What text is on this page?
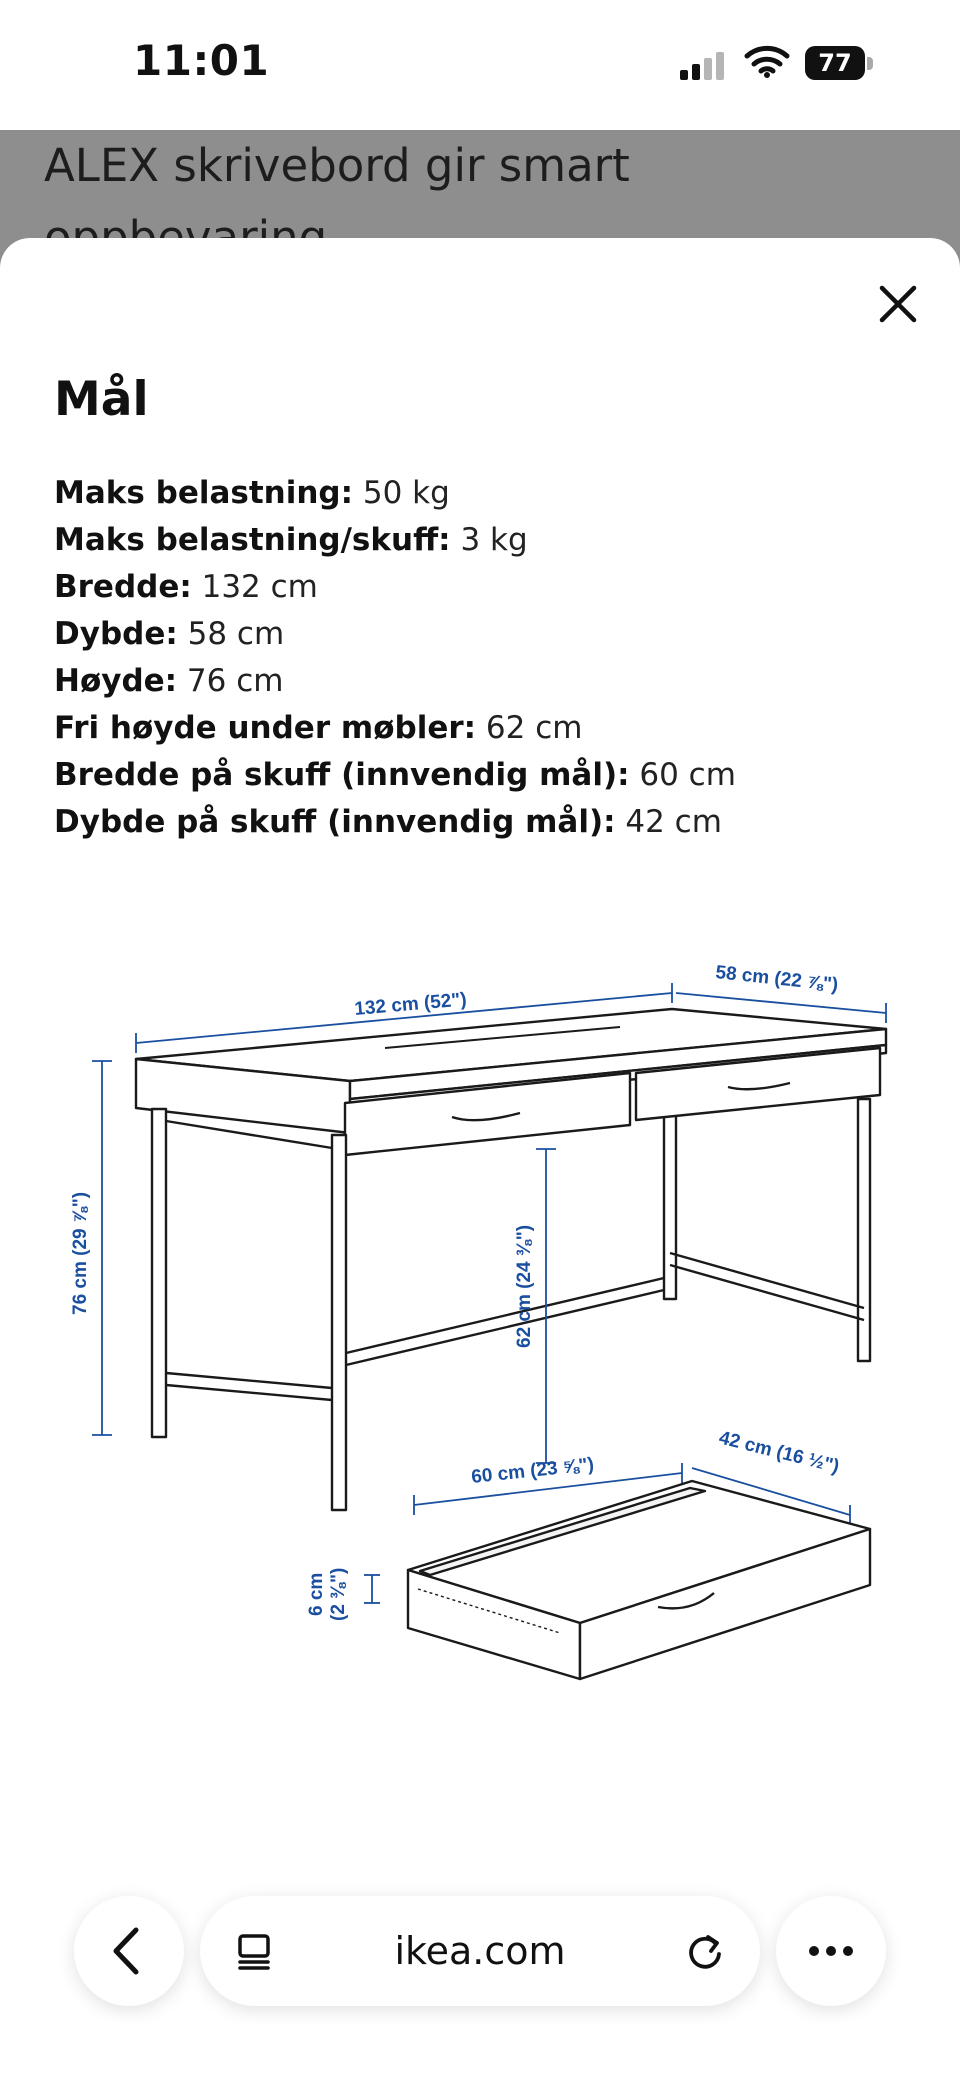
11:01	77
ALEX skrivebord gir smart
Mål
Maks belastning: 50 kg
Maks belastning/skuff: 3 kg
Bredde: 132 cm
Dybde: 58 cm
Høyde: 76 cm
Fri høyde under møbler: 62 cm
Bredde på skuff (innvendig mål): 60 cm
Dybde på skuff (innvendig mål): 42 cm
132 cm (52")
58 cm (22 ⅞")
76 cm (29 ⅞")	62 cm (24 ⅜")
60 cm (23 ⅝")	42 cm (16 ½")
6 cm (2 ⅜")
ikea.com
